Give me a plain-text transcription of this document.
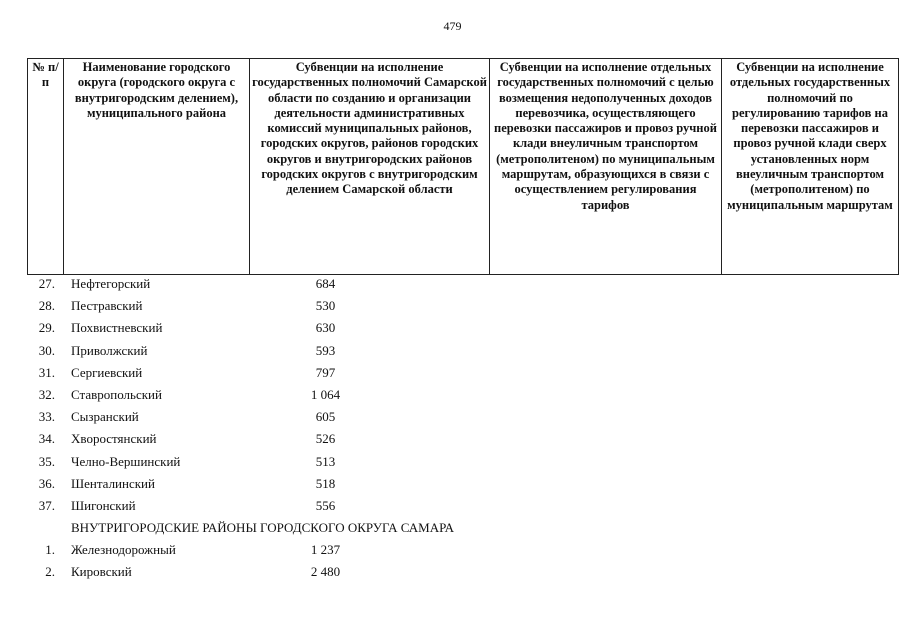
479
№ п/п	Наименование городского округа (городского округа с внутригородским делением), муниципального района	Субвенции на исполнение государственных полномочий Самарской области по созданию и организации деятельности административных комиссий муниципальных районов, городских округов, районов городских округов и внутригородских районов городских округов с внутригородским делением Самарской области	Субвенции на исполнение отдельных государственных полномочий с целью возмещения недополученных доходов перевозчика, осуществляющего перевозки пассажиров и провоз ручной клади внеуличным транспортом (метрополитеном) по муниципальным маршрутам, образующихся в связи с осуществлением регулирования тарифов	Субвенции на исполнение отдельных государственных полномочий по регулированию тарифов на перевозки пассажиров и провоз ручной клади сверх установленных норм внеуличным транспортом (метрополитеном) по муниципальным маршрутам
27. Нефтегорский	684
28. Пестравский	530
29. Похвистневский	630
30. Приволжский	593
31. Сергиевский	797
32. Ставропольский	1 064
33. Сызранский	605
34. Хворостянский	526
35. Челно-Вершинский	513
36. Шенталинский	518
37. Шигонский	556
ВНУТРИГОРОДСКИЕ РАЙОНЫ ГОРОДСКОГО ОКРУГА САМАРА
1. Железнодорожный	1 237
2. Кировский	2 480
